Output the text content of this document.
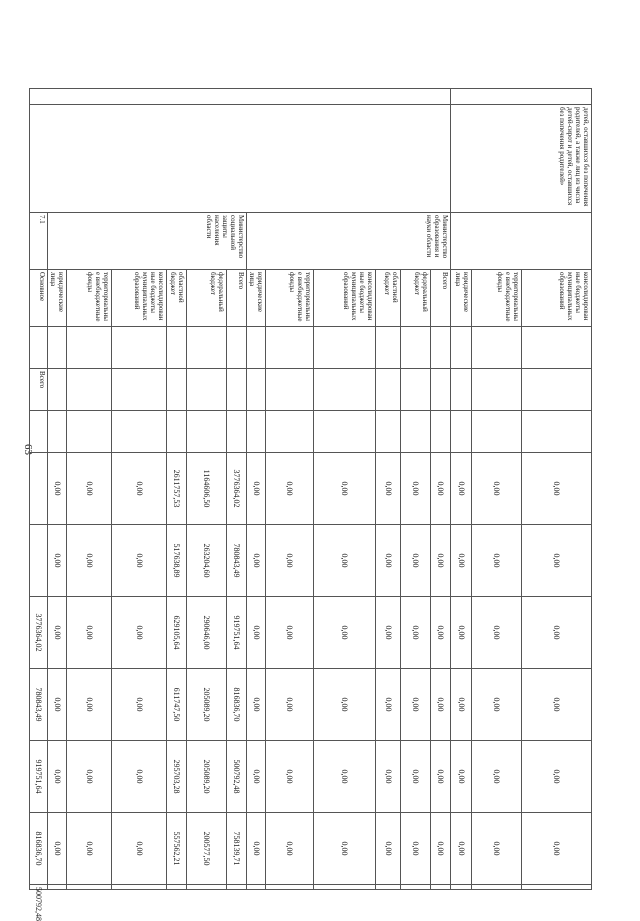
63
	детей, оставшихся без попечения родителей, а также лиц из числа детей-сирот и детей, оставшихся без попечения родителей»		консолидированные бюджеты муниципальных образований				0,00	0,00	0,00	0,00	0,00	0,00		
			территориальные внебюджетные фонды				0,00	0,00	0,00	0,00	0,00	0,00		
			юридические лица				0,00	0,00	0,00	0,00	0,00	0,00		
		Министерство образования и науки области	Всего				0,00	0,00	0,00	0,00	0,00	0,00		
			федеральный бюджет				0,00	0,00	0,00	0,00	0,00	0,00		
			областной бюджет				0,00	0,00	0,00	0,00	0,00	0,00		
			консолидированные бюджеты муниципальных образований				0,00	0,00	0,00	0,00	0,00	0,00		
			территориальные внебюджетные фонды				0,00	0,00	0,00	0,00	0,00	0,00		
			юридические лица				0,00	0,00	0,00	0,00	0,00	0,00		
		Министерство социальной защиты населения области	Всего				3776364,02	780843,49	919751,64	816836,70	500792,48	758139,71		
			федеральный бюджет				1164606,50	263204,60	290646,00	205089,20	205089,20	200577,50		
			областной бюджет				2611757,53	517638,89	629105,64	611747,50	295703,28	557562,21		
			консолидированные бюджеты муниципальных образований				0,00	0,00	0,00	0,00	0,00	0,00		
			территориальные внебюджетные фонды				0,00	0,00	0,00	0,00	0,00	0,00		
			юридические лица				0,00	0,00	0,00	0,00	0,00	0,00		
		7.1	Основное		Всего				3776364,02	780843,49	919751,64	816836,70	500792,48		
